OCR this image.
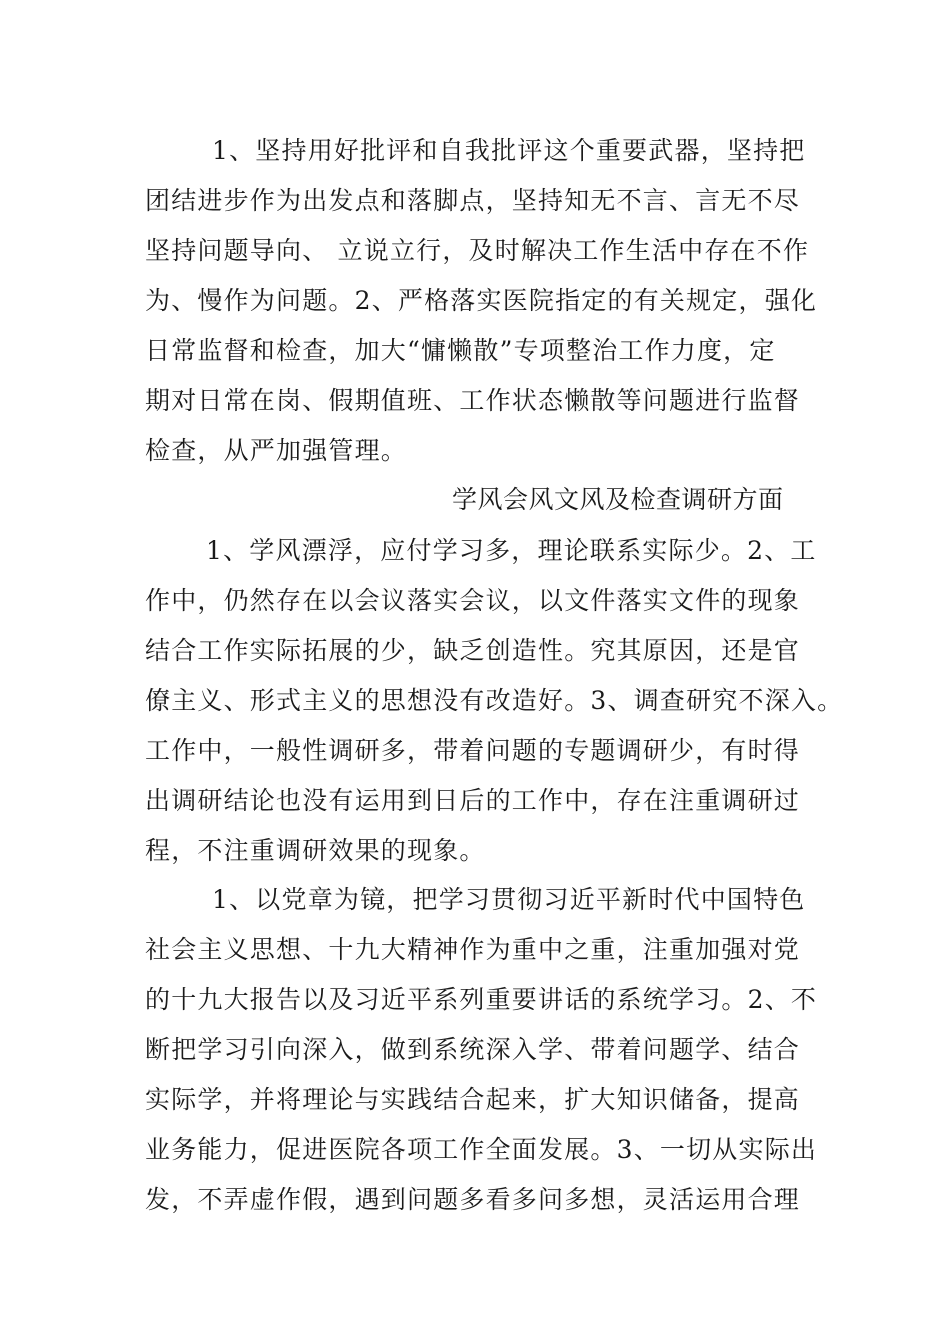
1、坚持用好批评和自我批评这个重要武器，坚持把

团结进步作为出发点和落脚点，坚持知无不言、言无不尽

坚持问题导向、 立说立行，及时解决工作生活中存在不作

为、慢作为问题。2、严格落实医院指定的有关规定，强化

日常监督和检查，加大“慵懒散”专项整治工作力度，定

期对日常在岗、假期值班、工作状态懒散等问题进行监督

检查，从严加强管理。

学风会风文风及检查调研方面

1、学风漂浮，应付学习多，理论联系实际少。2、工

作中，仍然存在以会议落实会议，以文件落实文件的现象

结合工作实际拓展的少，缺乏创造性。究其原因，还是官

僚主义、形式主义的思想没有改造好。3、调查研究不深入。

工作中，一般性调研多，带着问题的专题调研少，有时得

出调研结论也没有运用到日后的工作中，存在注重调研过

程，不注重调研效果的现象。

1、以党章为镜，把学习贯彻习近平新时代中国特色

社会主义思想、十九大精神作为重中之重，注重加强对党

的十九大报告以及习近平系列重要讲话的系统学习。2、不

断把学习引向深入，做到系统深入学、带着问题学、结合

实际学，并将理论与实践结合起来，扩大知识储备，提高

业务能力，促进医院各项工作全面发展。3、一切从实际出

发，不弄虚作假，遇到问题多看多问多想，灵活运用合理
